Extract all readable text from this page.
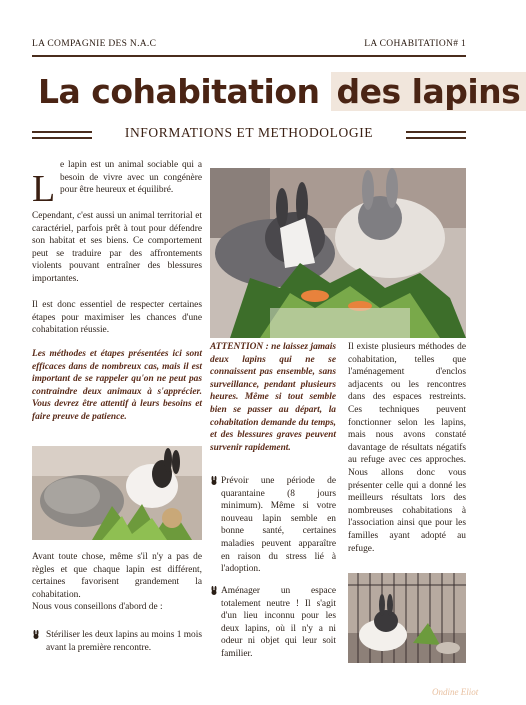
LA COMPAGNIE DES N.A.C	LA COHABITATION# 1
La cohabitation des lapins
INFORMATIONS ET METHODOLOGIE
L
e lapin est un animal sociable qui a besoin de vivre avec un congénère pour être heureux et équilibré.
Cependant, c'est aussi un animal territorial et caractériel, parfois prêt à tout pour défendre son habitat et ses biens. Ce comportement peut se traduire par des affrontements violents pouvant entraîner des blessures importantes.
Il est donc essentiel de respecter certaines étapes pour maximiser les chances d'une cohabitation réussie.
Les méthodes et étapes présentées ici sont efficaces dans de nombreux cas, mais il est important de se rappeler qu'on ne peut pas contraindre deux animaux à s'apprécier. Vous devrez être attentif à leurs besoins et faire preuve de patience.
Avant toute chose, même s'il n'y a pas de règles et que chaque lapin est différent, certaines favorisent grandement la cohabitation.
Nous vous conseillons d'abord de :
Stériliser les deux lapins au moins 1 mois avant la première rencontre.
ATTENTION : ne laissez jamais deux lapins qui ne se connaissent pas ensemble, sans surveillance, pendant plusieurs heures. Même si tout semble bien se passer au départ, la cohabitation demande du temps, et des blessures graves peuvent survenir rapidement.
Prévoir une période de quarantaine (8 jours minimum). Même si votre nouveau lapin semble en bonne santé, certaines maladies peuvent apparaître en raison du stress lié à l'adoption.
Aménager un espace totalement neutre ! Il s'agit d'un lieu inconnu pour les deux lapins, où il n'y a ni odeur ni objet qui leur soit familier.
Il existe plusieurs méthodes de cohabitation, telles que l'aménagement d'enclos adjacents ou les rencontres dans des espaces restreints. Ces techniques peuvent fonctionner selon les lapins, mais nous avons constaté davantage de résultats négatifs au refuge avec ces approches. Nous allons donc vous présenter celle qui a donné les meilleurs résultats lors des nombreuses cohabitations à l'association ainsi que pour les familles ayant adopté au refuge.
Ondine Eliot
